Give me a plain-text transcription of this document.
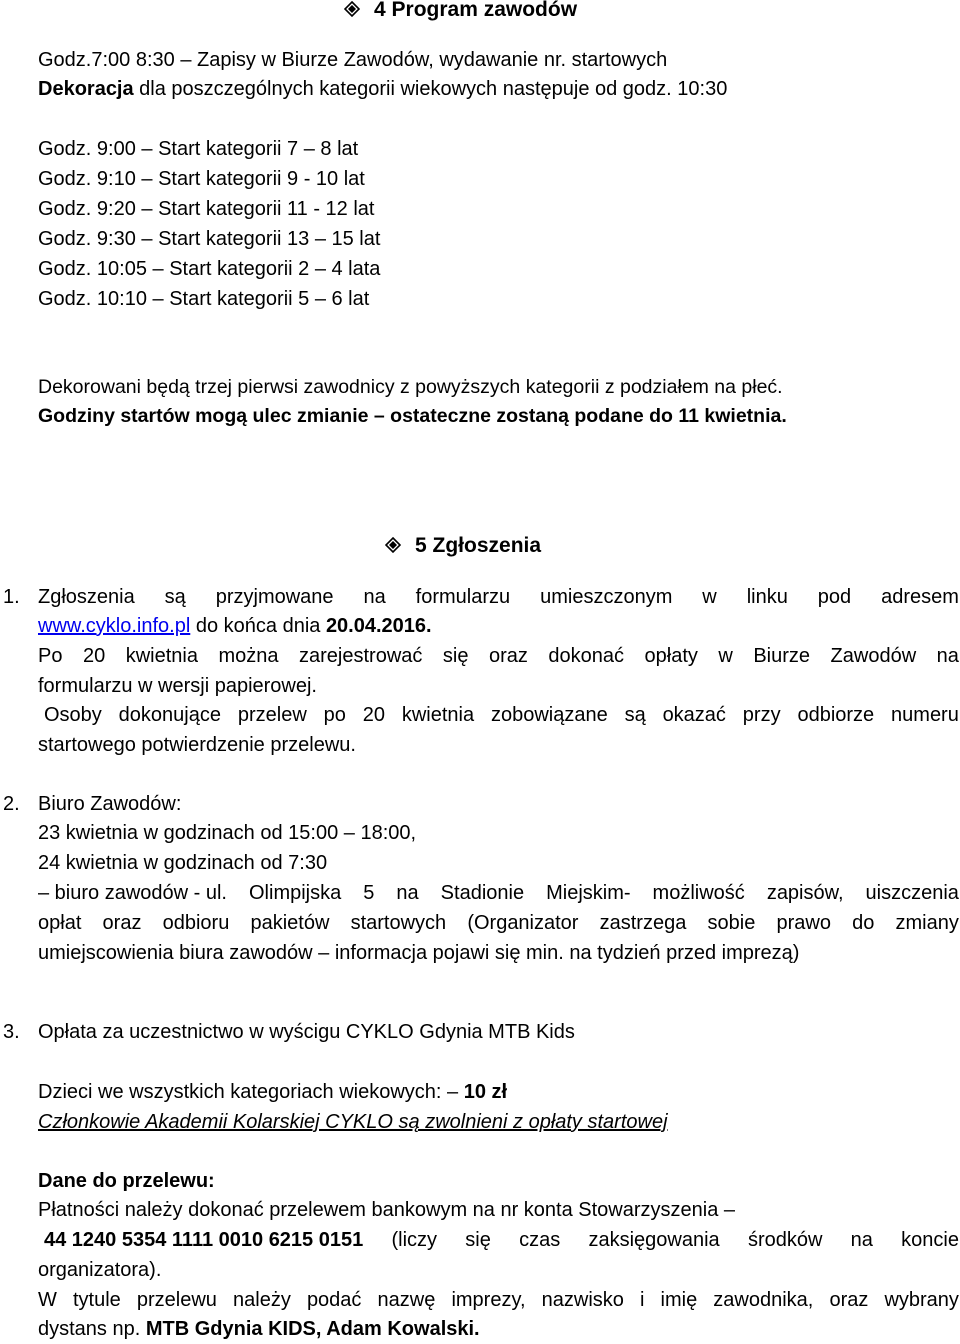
4 Program zawodów
Godz.7:00 8:30 – Zapisy w Biurze Zawodów, wydawanie nr. startowych
Dekoracja dla poszczególnych kategorii wiekowych następuje od godz. 10:30
Godz. 9:00 – Start kategorii 7 – 8 lat
Godz. 9:10 – Start kategorii 9 - 10 lat
Godz. 9:20 – Start kategorii 11 - 12 lat
Godz. 9:30 – Start kategorii 13 – 15 lat
Godz. 10:05 – Start kategorii 2 – 4 lata
Godz. 10:10 – Start kategorii 5 – 6 lat
Dekorowani będą trzej pierwsi zawodnicy z powyższych kategorii z podziałem na płeć.
Godziny startów mogą ulec zmianie – ostateczne zostaną podane do 11 kwietnia.
5 Zgłoszenia
1. Zgłoszenia są przyjmowane na formularzu umieszczonym w linku pod adresem
www.cyklo.info.pl do końca dnia 20.04.2016.
Po 20 kwietnia można zarejestrować się oraz dokonać opłaty w Biurze Zawodów na
formularzu w wersji papierowej.
Osoby dokonujące przelew po 20 kwietnia zobowiązane są okazać przy odbiorze numeru
startowego potwierdzenie przelewu.
2. Biuro Zawodów:
23 kwietnia w godzinach od 15:00 – 18:00,
24 kwietnia w godzinach od 7:30
– biuro zawodów - ul. Olimpijska 5 na Stadionie Miejskim- możliwość zapisów, uiszczenia
opłat oraz odbioru pakietów startowych (Organizator zastrzega sobie prawo do zmiany
umiejscowienia biura zawodów – informacja pojawi się min. na tydzień przed imprezą)
3. Opłata za uczestnictwo w wyścigu CYKLO Gdynia MTB Kids
Dzieci we wszystkich kategoriach wiekowych: – 10 zł
Członkowie Akademii Kolarskiej CYKLO są zwolnieni z opłaty startowej
Dane do przelewu:
Płatności należy dokonać przelewem bankowym na nr konta Stowarzyszenia –
44 1240 5354 1111 0010 6215 0151 (liczy się czas zaksięgowania środków na koncie
organizatora).
W tytule przelewu należy podać nazwę imprezy, nazwisko i imię zawodnika, oraz wybrany
dystans np. MTB Gdynia KIDS, Adam Kowalski.
